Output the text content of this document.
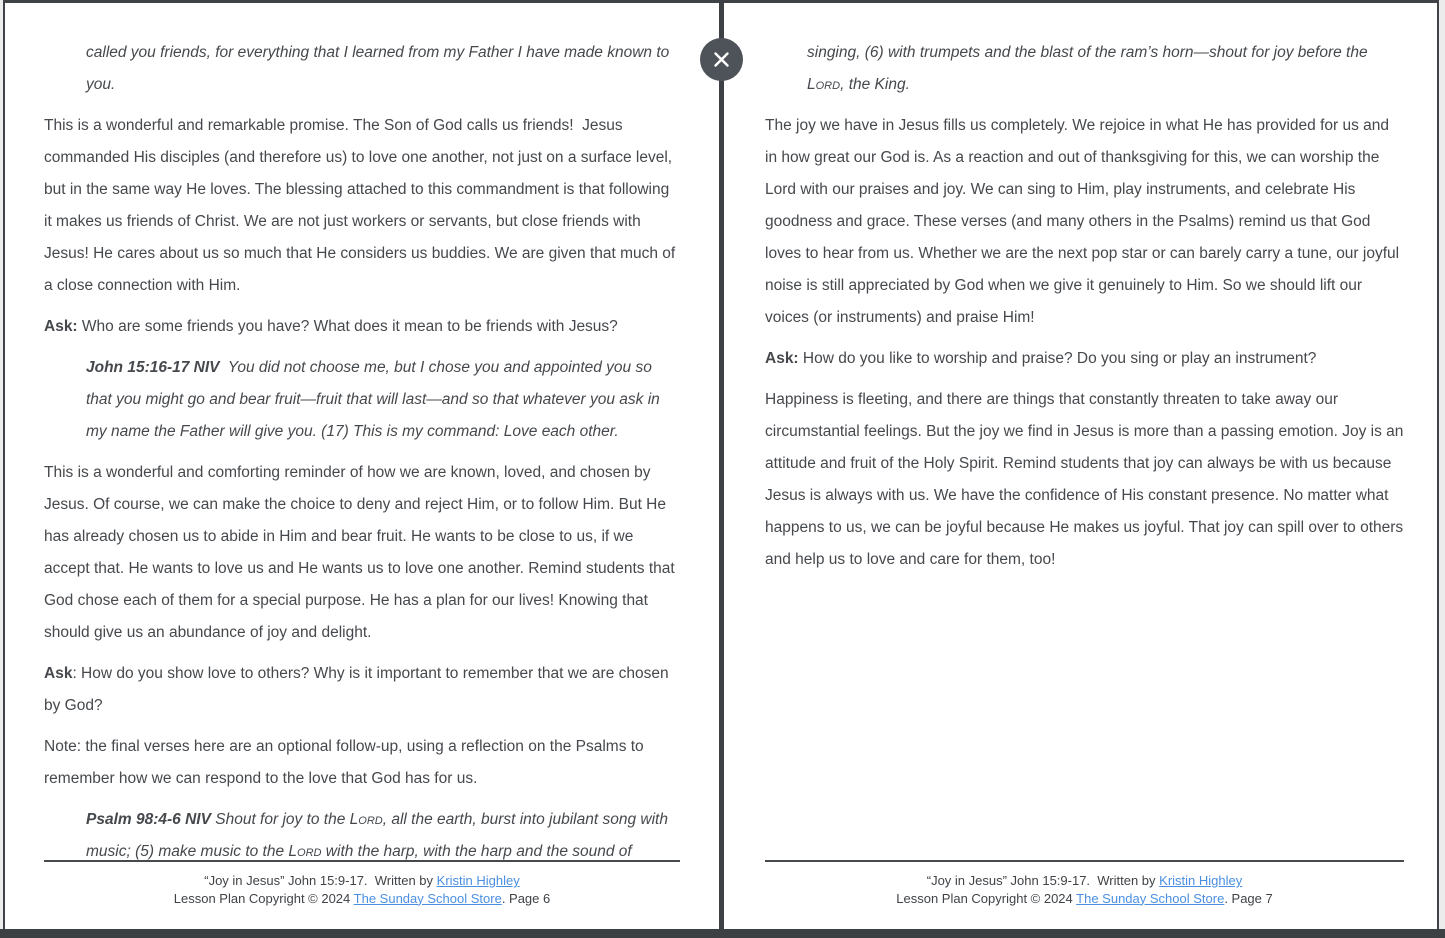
called you friends, for everything that I learned from my Father I have made known to you.

This is a wonderful and remarkable promise. The Son of God calls us friends!  Jesus commanded His disciples (and therefore us) to love one another, not just on a surface level, but in the same way He loves. The blessing attached to this commandment is that following it makes us friends of Christ. We are not just workers or servants, but close friends with Jesus! He cares about us so much that He considers us buddies. We are given that much of a close connection with Him.

Ask: Who are some friends you have? What does it mean to be friends with Jesus?

John 15:16-17 NIV  You did not choose me, but I chose you and appointed you so that you might go and bear fruit—fruit that will last—and so that whatever you ask in my name the Father will give you. (17) This is my command: Love each other.

This is a wonderful and comforting reminder of how we are known, loved, and chosen by Jesus. Of course, we can make the choice to deny and reject Him, or to follow Him. But He has already chosen us to abide in Him and bear fruit. He wants to be close to us, if we accept that. He wants to love us and He wants us to love one another. Remind students that God chose each of them for a special purpose. He has a plan for our lives! Knowing that should give us an abundance of joy and delight.

Ask: How do you show love to others? Why is it important to remember that we are chosen by God?

Note: the final verses here are an optional follow-up, using a reflection on the Psalms to remember how we can respond to the love that God has for us.

Psalm 98:4-6 NIV Shout for joy to the Lord, all the earth, burst into jubilant song with music; (5) make music to the Lord with the harp, with the harp and the sound of

“Joy in Jesus” John 15:9-17.  Written by Kristin Highley
Lesson Plan Copyright © 2024 The Sunday School Store. Page 6

singing, (6) with trumpets and the blast of the ram’s horn—shout for joy before the Lord, the King.

The joy we have in Jesus fills us completely. We rejoice in what He has provided for us and in how great our God is. As a reaction and out of thanksgiving for this, we can worship the Lord with our praises and joy. We can sing to Him, play instruments, and celebrate His goodness and grace. These verses (and many others in the Psalms) remind us that God loves to hear from us. Whether we are the next pop star or can barely carry a tune, our joyful noise is still appreciated by God when we give it genuinely to Him. So we should lift our voices (or instruments) and praise Him!

Ask: How do you like to worship and praise? Do you sing or play an instrument?

Happiness is fleeting, and there are things that constantly threaten to take away our circumstantial feelings. But the joy we find in Jesus is more than a passing emotion. Joy is an attitude and fruit of the Holy Spirit. Remind students that joy can always be with us because Jesus is always with us. We have the confidence of His constant presence. No matter what happens to us, we can be joyful because He makes us joyful. That joy can spill over to others and help us to love and care for them, too!

“Joy in Jesus” John 15:9-17.  Written by Kristin Highley
Lesson Plan Copyright © 2024 The Sunday School Store. Page 7
